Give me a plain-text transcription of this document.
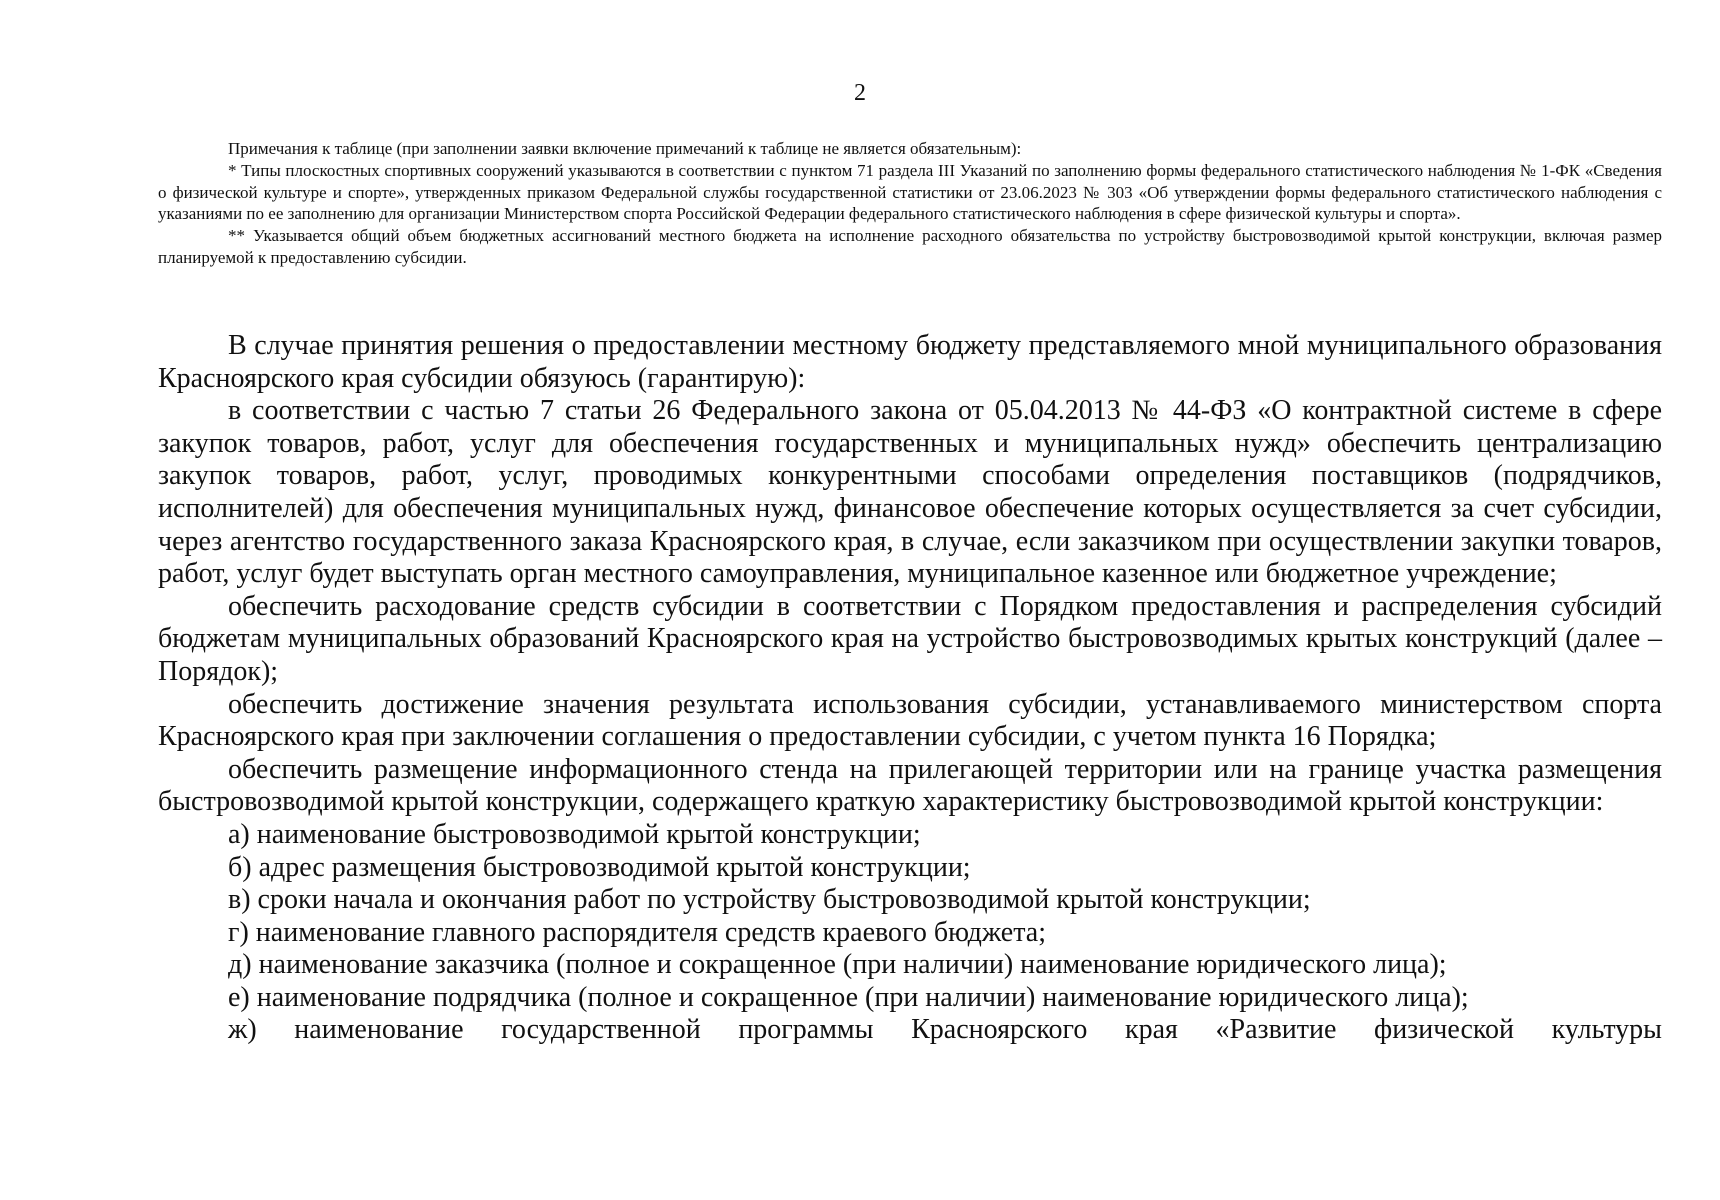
2

Примечания к таблице (при заполнении заявки включение примечаний к таблице не является обязательным):

* Типы плоскостных спортивных сооружений указываются в соответствии с пунктом 71 раздела III Указаний по заполнению формы федерального статистического наблюдения № 1-ФК «Сведения о физической культуре и спорте», утвержденных приказом Федеральной службы государственной статистики от 23.06.2023 № 303 «Об утверждении формы федерального статистического наблюдения с указаниями по ее заполнению для организации Министерством спорта Российской Федерации федерального статистического наблюдения в сфере физической культуры и спорта».

** Указывается общий объем бюджетных ассигнований местного бюджета на исполнение расходного обязательства по устройству быстровозводимой крытой конструкции, включая размер планируемой к предоставлению субсидии.

В случае принятия решения о предоставлении местному бюджету представляемого мной муниципального образования Красноярского края субсидии обязуюсь (гарантирую):

в соответствии с частью 7 статьи 26 Федерального закона от 05.04.2013 № 44-ФЗ «О контрактной системе в сфере закупок товаров, работ, услуг для обеспечения государственных и муниципальных нужд» обеспечить централизацию закупок товаров, работ, услуг, проводимых конкурентными способами определения поставщиков (подрядчиков, исполнителей) для обеспечения муниципальных нужд, финансовое обеспечение которых осуществляется за счет субсидии, через агентство государственного заказа Красноярского края, в случае, если заказчиком при осуществлении закупки товаров, работ, услуг будет выступать орган местного самоуправления, муниципальное казенное или бюджетное учреждение;

обеспечить расходование средств субсидии в соответствии с Порядком предоставления и распределения субсидий бюджетам муниципальных образований Красноярского края на устройство быстровозводимых крытых конструкций (далее – Порядок);

обеспечить достижение значения результата использования субсидии, устанавливаемого министерством спорта Красноярского края при заключении соглашения о предоставлении субсидии, с учетом пункта 16 Порядка;

обеспечить размещение информационного стенда на прилегающей территории или на границе участка размещения быстровозводимой крытой конструкции, содержащего краткую характеристику быстровозводимой крытой конструкции:

а) наименование быстровозводимой крытой конструкции;

б) адрес размещения быстровозводимой крытой конструкции;

в) сроки начала и окончания работ по устройству быстровозводимой крытой конструкции;

г) наименование главного распорядителя средств краевого бюджета;

д) наименование заказчика (полное и сокращенное (при наличии) наименование юридического лица);

е) наименование подрядчика (полное и сокращенное (при наличии) наименование юридического лица);

ж) наименование государственной программы Красноярского края «Развитие физической культуры
